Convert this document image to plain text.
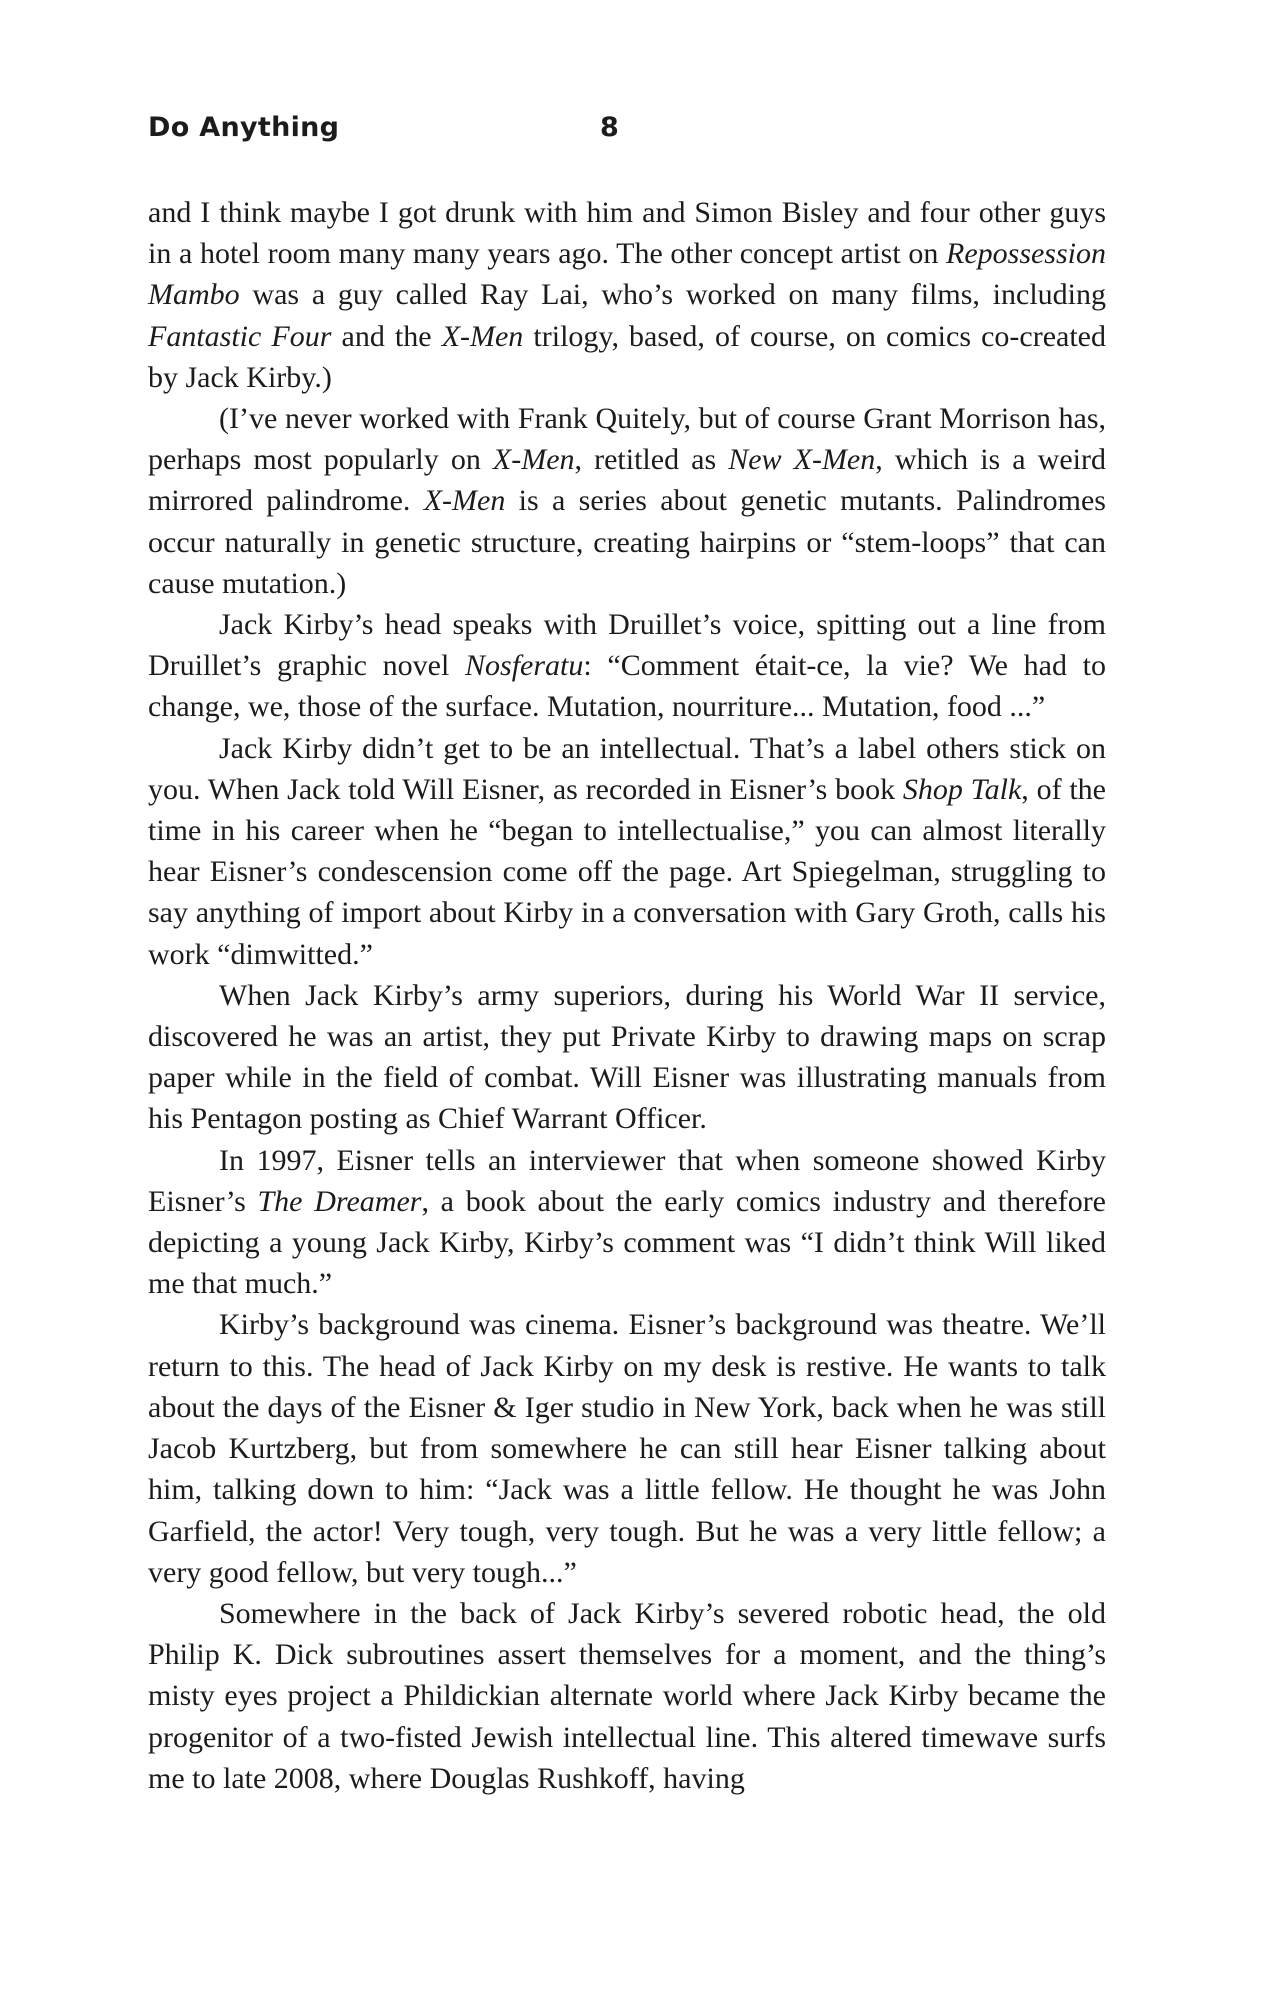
Do Anything	8

and I think maybe I got drunk with him and Simon Bisley and four other guys in a hotel room many many years ago. The other concept artist on Repossession Mambo was a guy called Ray Lai, who’s worked on many films, including Fantastic Four and the X-Men trilogy, based, of course, on comics co-created by Jack Kirby.)

(I’ve never worked with Frank Quitely, but of course Grant Morrison has, perhaps most popularly on X-Men, retitled as New X-Men, which is a weird mirrored palindrome. X-Men is a series about genetic mutants. Palindromes occur naturally in genetic structure, creating hairpins or “stem-loops” that can cause mutation.)

Jack Kirby’s head speaks with Druillet’s voice, spitting out a line from Druillet’s graphic novel Nosferatu: “Comment était-ce, la vie? We had to change, we, those of the surface. Mutation, nourriture... Mutation, food ...”

Jack Kirby didn’t get to be an intellectual. That’s a label others stick on you. When Jack told Will Eisner, as recorded in Eisner’s book Shop Talk, of the time in his career when he “began to intellectualise,” you can almost literally hear Eisner’s condescension come off the page. Art Spiegelman, struggling to say anything of import about Kirby in a conversation with Gary Groth, calls his work “dimwitted.”

When Jack Kirby’s army superiors, during his World War II service, discovered he was an artist, they put Private Kirby to drawing maps on scrap paper while in the field of combat. Will Eisner was illustrating manuals from his Pentagon posting as Chief Warrant Officer.

In 1997, Eisner tells an interviewer that when someone showed Kirby Eisner’s The Dreamer, a book about the early comics industry and therefore depicting a young Jack Kirby, Kirby’s comment was “I didn’t think Will liked me that much.”

Kirby’s background was cinema. Eisner’s background was theatre. We’ll return to this. The head of Jack Kirby on my desk is restive. He wants to talk about the days of the Eisner & Iger studio in New York, back when he was still Jacob Kurtzberg, but from somewhere he can still hear Eisner talking about him, talking down to him: “Jack was a little fellow. He thought he was John Garfield, the actor! Very tough, very tough. But he was a very little fellow; a very good fellow, but very tough...”

Somewhere in the back of Jack Kirby’s severed robotic head, the old Philip K. Dick subroutines assert themselves for a moment, and the thing’s misty eyes project a Phildickian alternate world where Jack Kirby became the progenitor of a two-fisted Jewish intellectual line. This altered timewave surfs me to late 2008, where Douglas Rushkoff, having
